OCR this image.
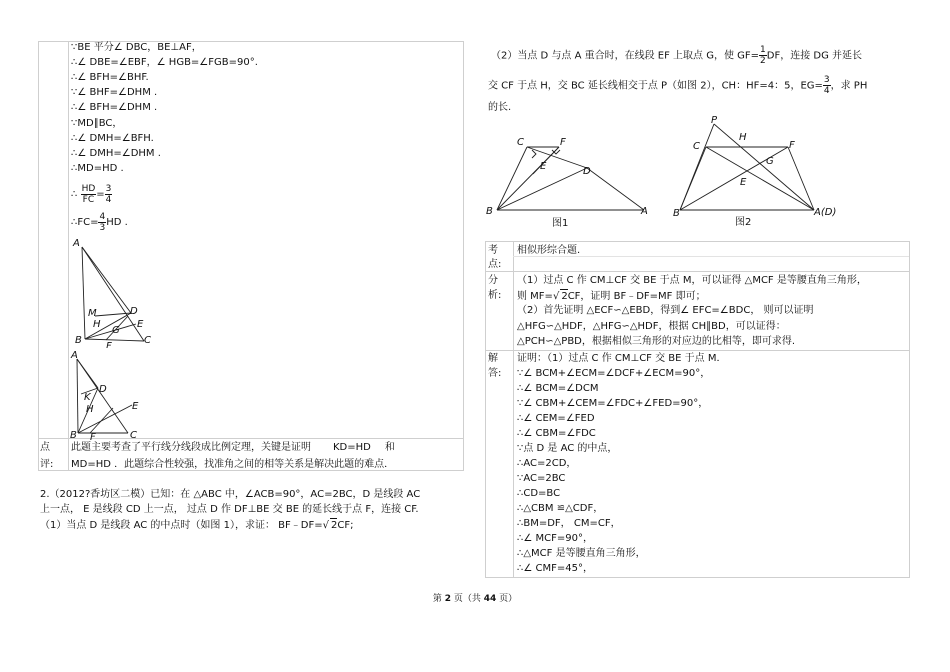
∵BE 平分∠ DBC，BE⊥AF，
∴∠ DBE=∠EBF，∠ HGB=∠FGB=90°.
∴∠ BFH=∠BHF.
∵∠ BHF=∠DHM .
∴∠ BFH=∠DHM .
∵MD∥BC，
∴∠ DMH=∠BFH.
∴∠ DMH=∠DHM .
∴MD=HD .
∴ $\frac{HD}{FC} = \frac{3}{4}$
∴FC= $\frac{4}{3}$ HD .
A
M	D
H	E
G
B
F
C
A
D
K
H	E
B F	C
点
评:
此题主要考查了平行线分线段成比例定理，关键是证明 KD=HD 和
MD=HD ．此题综合性较强，找准角之间的相等关系是解决此题的难点．
2.（2012?香坊区二模）已知：在 △ABC 中，∠ACB=90°，AC=2BC，D 是线段 AC
上一点， E 是线段 CD 上一点， 过点 D 作 DF⊥BE 交 BE 的延长线于点 F，连接 CF.
（1）当点 D 是线段 AC 的中点时（如图 1），求证： BF﹣DF=√ 2CF;
（2）当点 D 与点 A 重合时，在线段 EF 上取点 G，使 $GF= \frac{1}{2}$ DF，连接 DG 并延长
交 CF 于点 H，交 BC 延长线相交于点 P（如图 2），CH：HF=4：5，$EG= \frac{3}{4}$ ，求 PH
的长.
C	F
E	D
B	A
图1
P
H
C	F
G
E
B	A(D)
图2
考
点:
相似形综合题.
分
析:
（1）过点 C 作 CM⊥CF 交 BE 于点 M，可以证得 △MCF 是等腰直角三角形，
则 MF=√ 2CF，证明 BF﹣DF=MF 即可；
（2）首先证明 △ECF∽△EBD，得到∠ EFC=∠BDC， 则可以证明
△HFG∽△HDF，△HFG∽△HDF，根据 CH∥BD，可以证得：
△PCH∽△PBD，根据相似三角形的对应边的比相等，即可求得.
解
答:
证明：（1）过点 C 作 CM⊥CF 交 BE 于点 M．
∵∠ BCM+∠ECM=∠DCF+∠ECM=90°，
∴∠ BCM=∠DCM
∵∠ CBM+∠CEM=∠FDC+∠FED=90°，
∴∠ CEM=∠FED
∴∠ CBM=∠FDC
∵点 D 是 AC 的中点，
∴AC=2CD，
∵AC=2BC
∴CD=BC
∴△CBM ≌△CDF，
∴BM=DF， CM=CF，
∴∠ MCF=90°，
∴△MCF 是等腰直角三角形，
∴∠ CMF=45°，
第 2 页（共 44 页）
